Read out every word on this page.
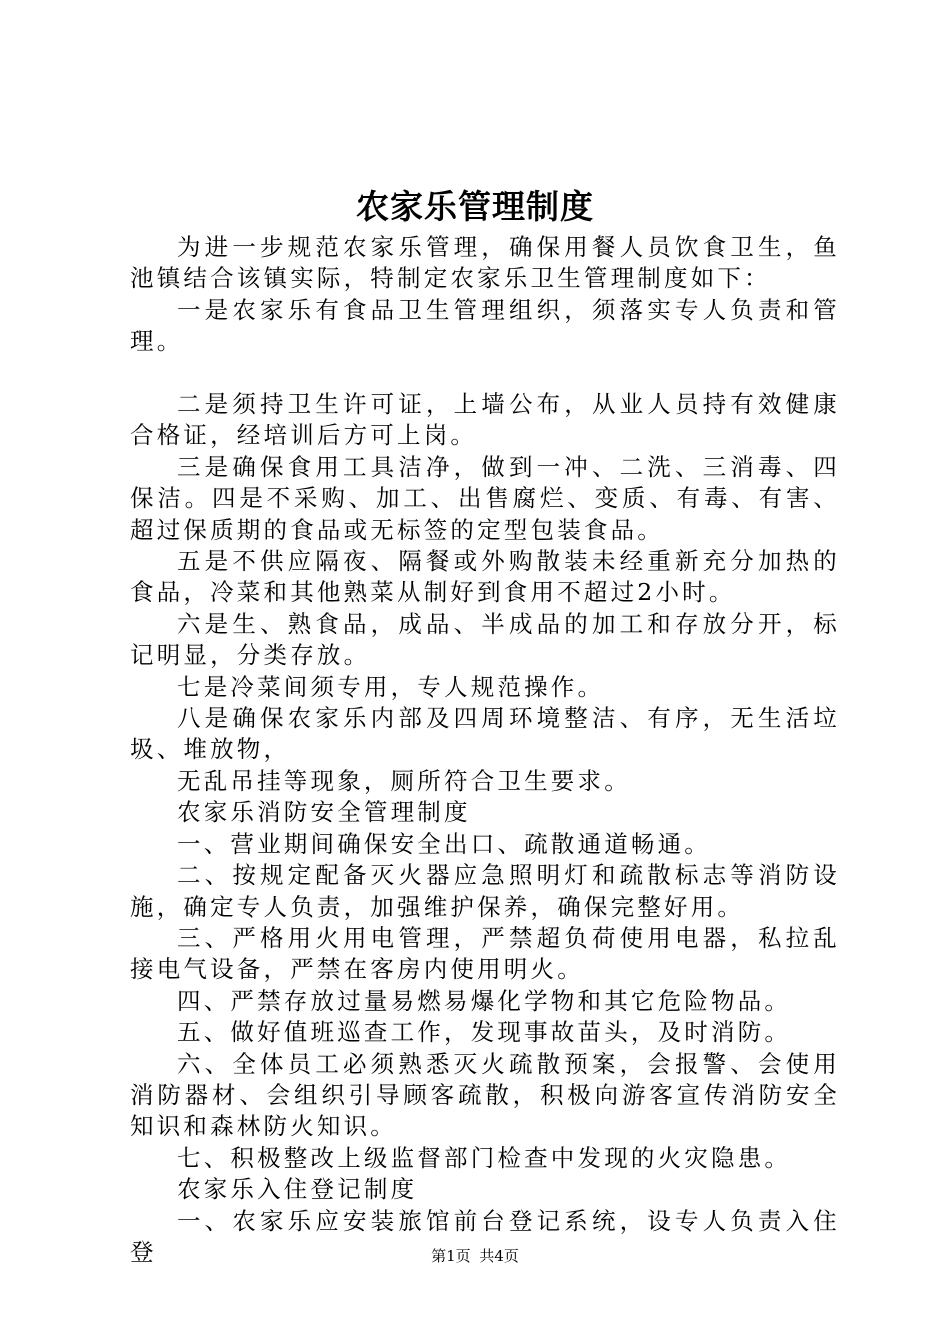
农家乐管理制度

为进一步规范农家乐管理，确保用餐人员饮食卫生，鱼池镇结合该镇实际，特制定农家乐卫生管理制度如下：

一是农家乐有食品卫生管理组织，须落实专人负责和管理。

二是须持卫生许可证，上墙公布，从业人员持有效健康合格证，经培训后方可上岗。

三是确保食用工具洁净，做到一冲、二洗、三消毒、四保洁。四是不采购、加工、出售腐烂、变质、有毒、有害、超过保质期的食品或无标签的定型包装食品。

五是不供应隔夜、隔餐或外购散装未经重新充分加热的食品，冷菜和其他熟菜从制好到食用不超过2小时。

六是生、熟食品，成品、半成品的加工和存放分开，标记明显，分类存放。

七是冷菜间须专用，专人规范操作。

八是确保农家乐内部及四周环境整洁、有序，无生活垃圾、堆放物，

无乱吊挂等现象，厕所符合卫生要求。

农家乐消防安全管理制度

一、营业期间确保安全出口、疏散通道畅通。

二、按规定配备灭火器应急照明灯和疏散标志等消防设施，确定专人负责，加强维护保养，确保完整好用。

三、严格用火用电管理，严禁超负荷使用电器，私拉乱接电气设备，严禁在客房内使用明火。

四、严禁存放过量易燃易爆化学物和其它危险物品。

五、做好值班巡查工作，发现事故苗头，及时消防。

六、全体员工必须熟悉灭火疏散预案，会报警、会使用消防器材、会组织引导顾客疏散，积极向游客宣传消防安全知识和森林防火知识。

七、积极整改上级监督部门检查中发现的火灾隐患。

农家乐入住登记制度

一、农家乐应安装旅馆前台登记系统，设专人负责入住登	第1页 共4页
